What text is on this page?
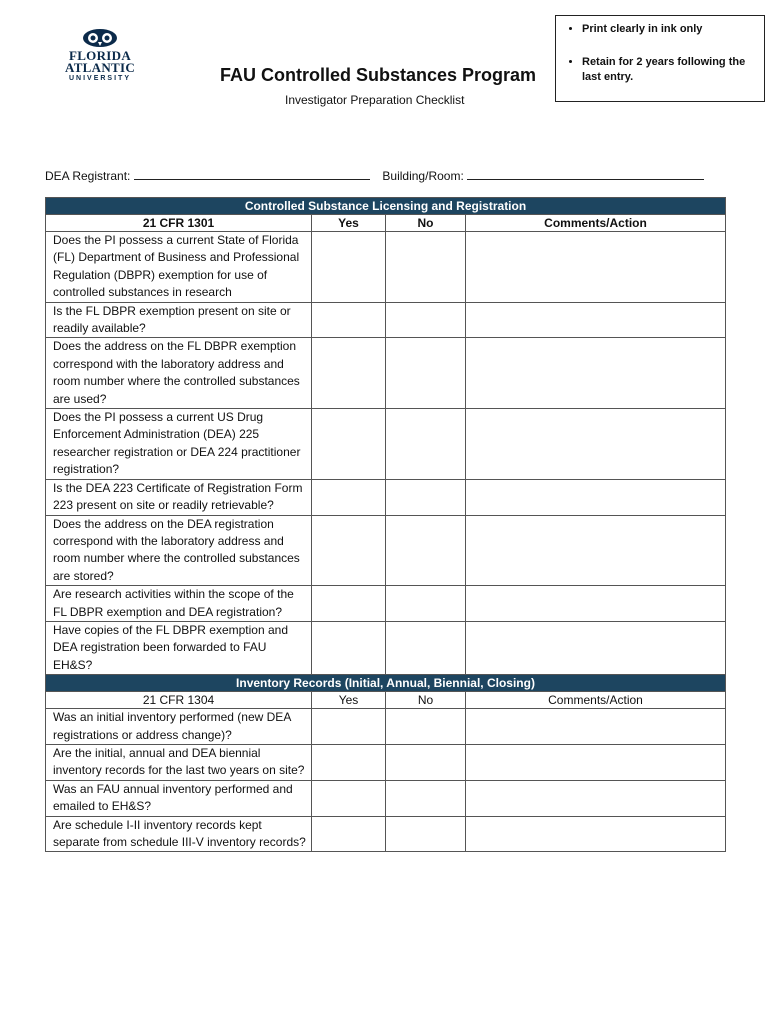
FLORIDA
ATLANTIC
UNIVERSITY	FAU Controlled Substances Program
Investigator Preparation Checklist
• Print clearly in ink only
• Retain for 2 years following the last entry.
DEA Registrant:	Building/Room:
Controlled Substance Licensing and Registration			
21 CFR 1301	Yes	No	Comments/Action
Does the PI possess a current State of Florida (FL) Department of Business and Professional Regulation (DBPR) exemption for use of controlled substances in research			
Is the FL DBPR exemption present on site or readily available?			
Does the address on the FL DBPR exemption correspond with the laboratory address and room number where the controlled substances are used?			
Does the PI possess a current US Drug Enforcement Administration (DEA) 225 researcher registration or DEA 224 practitioner registration?			
Is the DEA 223 Certificate of Registration Form 223 present on site or readily retrievable?			
Does the address on the DEA registration correspond with the laboratory address and room number where the controlled substances are stored?			
Are research activities within the scope of the FL DBPR exemption and DEA registration?			
Have copies of the FL DBPR exemption and DEA registration been forwarded to FAU EH&S?			
Inventory Records (Initial, Annual, Biennial, Closing)			
21 CFR 1304	Yes	No	Comments/Action
Was an initial inventory performed (new DEA registrations or address change)?			
Are the initial, annual and DEA biennial inventory records for the last two years on site?			
Was an FAU annual inventory performed and emailed to EH&S?			
Are schedule I-II inventory records kept separate from schedule III-V inventory records?			
